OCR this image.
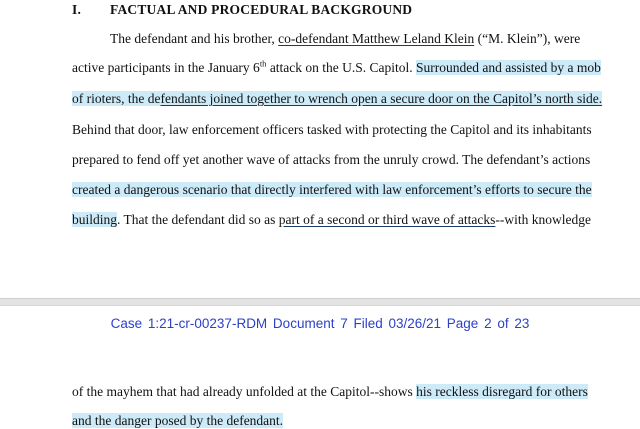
I. FACTUAL AND PROCEDURAL BACKGROUND
The defendant and his brother, co-defendant Matthew Leland Klein (“M. Klein”), were
active participants in the January 6th attack on the U.S. Capitol. Surrounded and assisted by a mob
of rioters, the defendants joined together to wrench open a secure door on the Capitol’s north side.
Behind that door, law enforcement officers tasked with protecting the Capitol and its inhabitants
prepared to fend off yet another wave of attacks from the unruly crowd. The defendant’s actions
created a dangerous scenario that directly interfered with law enforcement’s efforts to secure the
building. That the defendant did so as part of a second or third wave of attacks--with knowledge
Case 1:21-cr-00237-RDM Document 7 Filed 03/26/21 Page 2 of 23
of the mayhem that had already unfolded at the Capitol--shows his reckless disregard for others
and the danger posed by the defendant.
